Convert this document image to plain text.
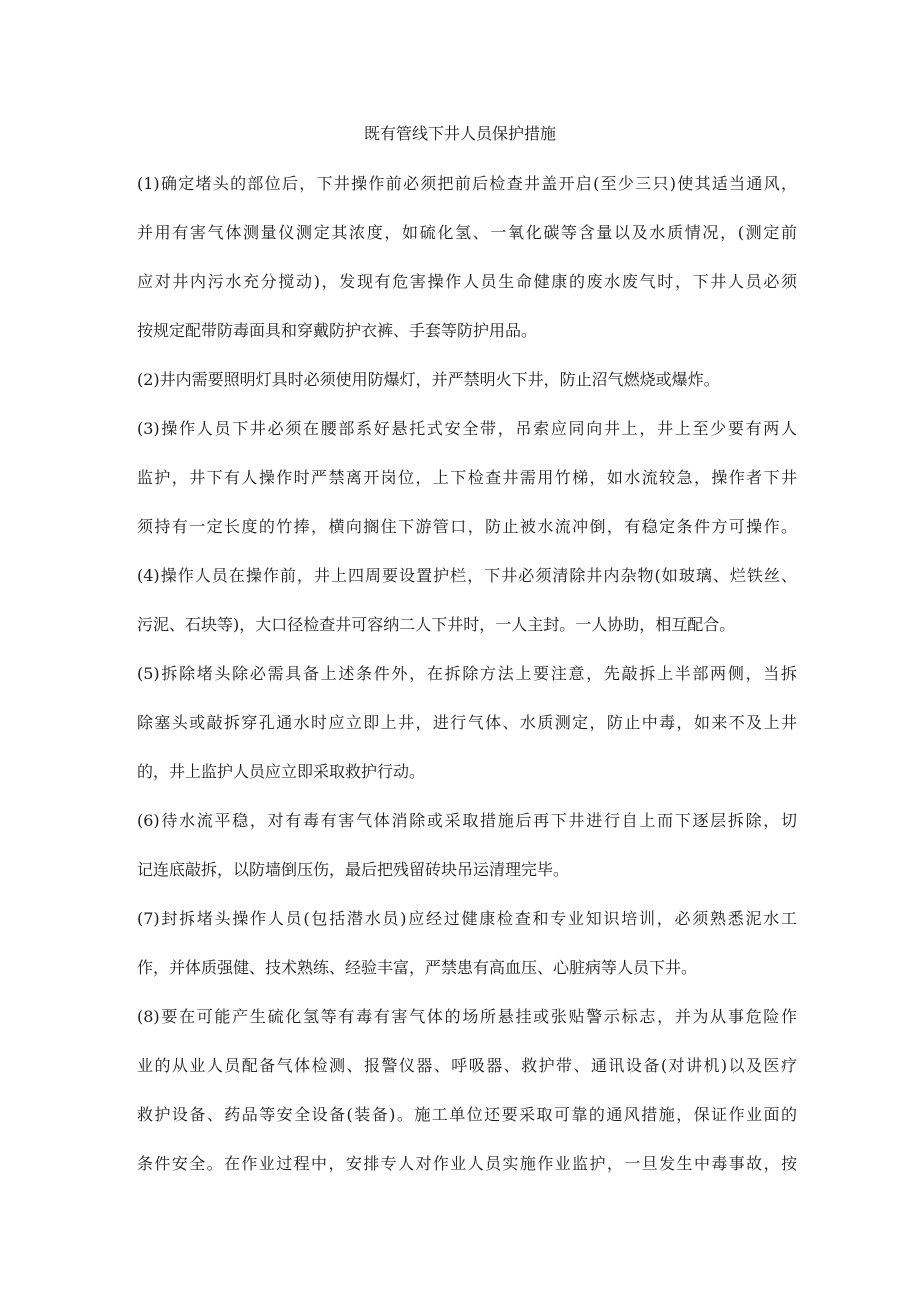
既有管线下井人员保护措施
(1)确定堵头的部位后，下井操作前必须把前后检查井盖开启(至少三只)使其适当通风，
并用有害气体测量仪测定其浓度，如硫化氢、一氧化碳等含量以及水质情况，(测定前
应对井内污水充分搅动)，发现有危害操作人员生命健康的废水废气时，下井人员必须
按规定配带防毒面具和穿戴防护衣裤、手套等防护用品。
(2)井内需要照明灯具时必须使用防爆灯，并严禁明火下井，防止沼气燃烧或爆炸。
(3)操作人员下井必须在腰部系好悬托式安全带，吊索应同向井上，井上至少要有两人
监护，井下有人操作时严禁离开岗位，上下检查井需用竹梯，如水流较急，操作者下井
须持有一定长度的竹捧，横向搁住下游管口，防止被水流冲倒，有稳定条件方可操作。
(4)操作人员在操作前，井上四周要设置护栏，下井必须清除井内杂物(如玻璃、烂铁丝、
污泥、石块等)，大口径检查井可容纳二人下井时，一人主封。一人协助，相互配合。
(5)拆除堵头除必需具备上述条件外，在拆除方法上要注意，先敲拆上半部两侧，当拆
除塞头或敲拆穿孔通水时应立即上井，进行气体、水质测定，防止中毒，如来不及上井
的，井上监护人员应立即采取救护行动。
(6)待水流平稳，对有毒有害气体消除或采取措施后再下井进行自上而下逐层拆除，切
记连底敲拆，以防墙倒压伤，最后把残留砖块吊运清理完毕。
(7)封拆堵头操作人员(包括潜水员)应经过健康检查和专业知识培训，必须熟悉泥水工
作，并体质强健、技术熟练、经验丰富，严禁患有高血压、心脏病等人员下井。
(8)要在可能产生硫化氢等有毒有害气体的场所悬挂或张贴警示标志，并为从事危险作
业的从业人员配备气体检测、报警仪器、呼吸器、救护带、通讯设备(对讲机)以及医疗
救护设备、药品等安全设备(装备)。施工单位还要采取可靠的通风措施，保证作业面的
条件安全。在作业过程中，安排专人对作业人员实施作业监护，一旦发生中毒事故，按
